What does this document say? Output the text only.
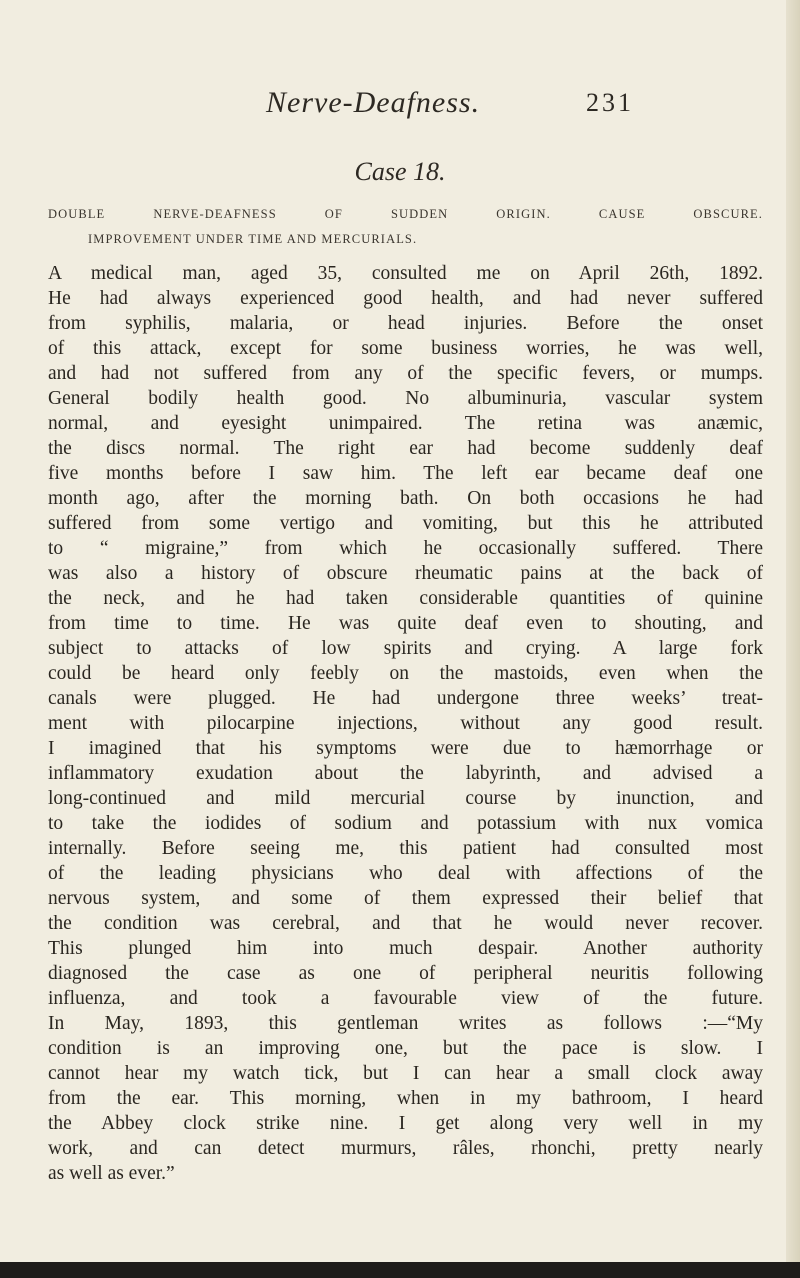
Nerve-Deafness.	231
Case 18.
DOUBLE NERVE-DEAFNESS OF SUDDEN ORIGIN. CAUSE OBSCURE.
IMPROVEMENT UNDER TIME AND MERCURIALS.
A medical man, aged 35, consulted me on April 26th, 1892.
He had always experienced good health, and had never suffered
from syphilis, malaria, or head injuries. Before the onset
of this attack, except for some business worries, he was well,
and had not suffered from any of the specific fevers, or mumps.
General bodily health good. No albuminuria, vascular system
normal, and eyesight unimpaired. The retina was anæmic,
the discs normal. The right ear had become suddenly deaf
five months before I saw him. The left ear became deaf one
month ago, after the morning bath. On both occasions he had
suffered from some vertigo and vomiting, but this he attributed
to “ migraine,” from which he occasionally suffered. There
was also a history of obscure rheumatic pains at the back of
the neck, and he had taken considerable quantities of quinine
from time to time. He was quite deaf even to shouting, and
subject to attacks of low spirits and crying. A large fork
could be heard only feebly on the mastoids, even when the
canals were plugged. He had undergone three weeks’ treat-
ment with pilocarpine injections, without any good result.
I imagined that his symptoms were due to hæmorrhage or
inflammatory exudation about the labyrinth, and advised a
long-continued and mild mercurial course by inunction, and
to take the iodides of sodium and potassium with nux vomica
internally. Before seeing me, this patient had consulted most
of the leading physicians who deal with affections of the
nervous system, and some of them expressed their belief that
the condition was cerebral, and that he would never recover.
This plunged him into much despair. Another authority
diagnosed the case as one of peripheral neuritis following
influenza, and took a favourable view of the future.
In May, 1893, this gentleman writes as follows :—“My
condition is an improving one, but the pace is slow. I
cannot hear my watch tick, but I can hear a small clock away
from the ear. This morning, when in my bathroom, I heard
the Abbey clock strike nine. I get along very well in my
work, and can detect murmurs, râles, rhonchi, pretty nearly
as well as ever.”
